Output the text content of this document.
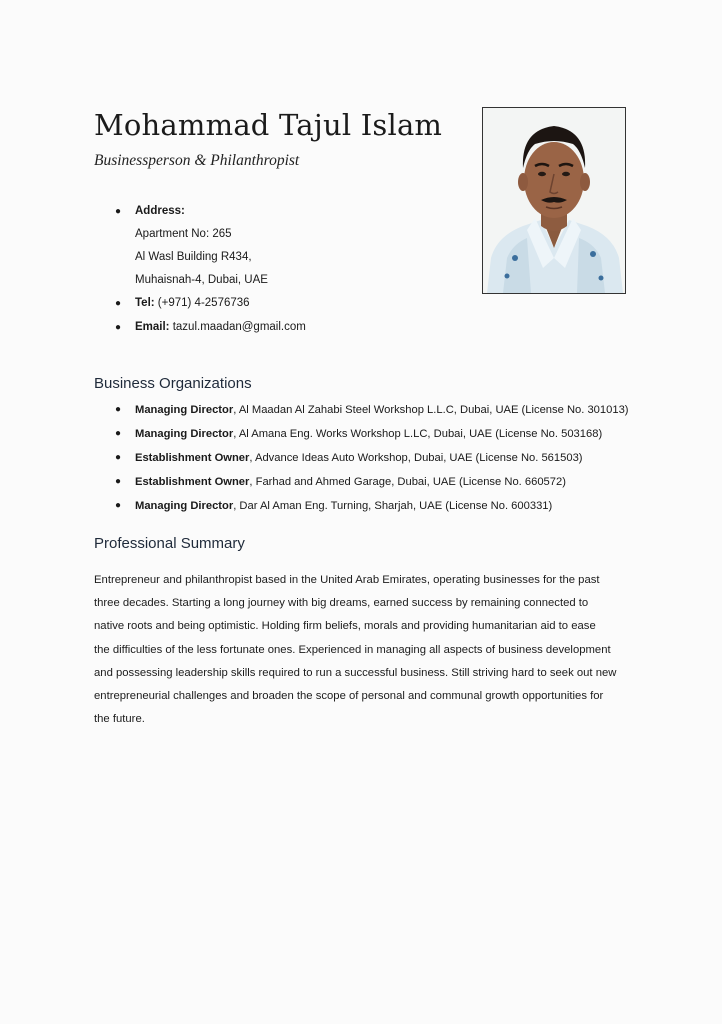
Mohammad Tajul Islam

Businessperson & Philanthropist

● Address:
Apartment No: 265
Al Wasl Building R434,
Muhaisnah-4, Dubai, UAE
● Tel: (+971) 4-2576736
● Email: tazul.maadan@gmail.com
Business Organizations
● Managing Director, Al Maadan Al Zahabi Steel Workshop L.L.C, Dubai, UAE (License No. 301013)
● Managing Director, Al Amana Eng. Works Workshop L.LC, Dubai, UAE (License No. 503168)
● Establishment Owner, Advance Ideas Auto Workshop, Dubai, UAE (License No. 561503)
● Establishment Owner, Farhad and Ahmed Garage, Dubai, UAE (License No. 660572)
● Managing Director, Dar Al Aman Eng. Turning, Sharjah, UAE (License No. 600331)
Professional Summary

Entrepreneur and philanthropist based in the United Arab Emirates, operating businesses for the past
three decades. Starting a long journey with big dreams, earned success by remaining connected to
native roots and being optimistic. Holding firm beliefs, morals and providing humanitarian aid to ease
the difficulties of the less fortunate ones. Experienced in managing all aspects of business development
and possessing leadership skills required to run a successful business. Still striving hard to seek out new
entrepreneurial challenges and broaden the scope of personal and communal growth opportunities for
the future.
